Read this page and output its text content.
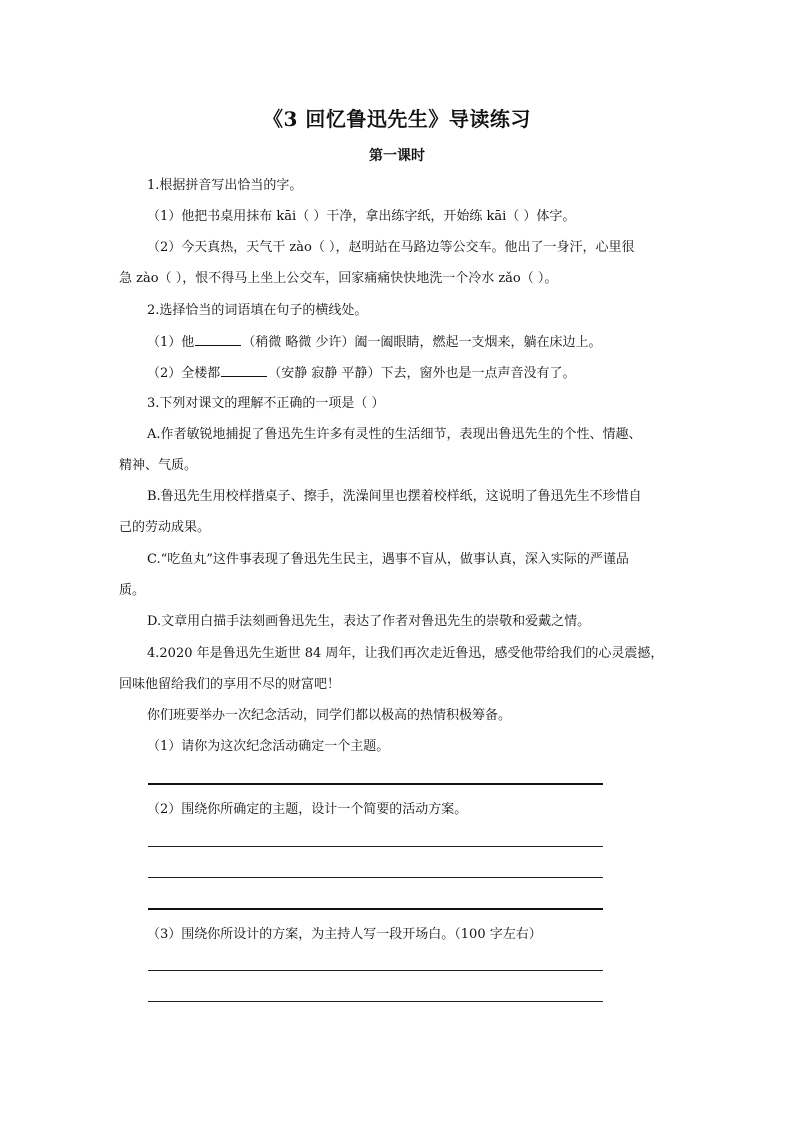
《3 回忆鲁迅先生》导读练习
第一课时
1.根据拼音写出恰当的字。
（1）他把书桌用抹布 kāi（ ）干净，拿出练字纸，开始练 kāi（ ）体字。
（2）今天真热，天气干 zào（ ），赵明站在马路边等公交车。他出了一身汗，心里很
急 zào（ ），恨不得马上坐上公交车，回家痛痛快快地洗一个冷水 zǎo（ ）。
2.选择恰当的词语填在句子的横线处。
（1）他	（稍微 略微 少许）阖一阖眼睛，燃起一支烟来，躺在床边上。
（2）全楼都	（安静 寂静 平静）下去，窗外也是一点声音没有了。
3.下列对课文的理解不正确的一项是（ ）
A.作者敏锐地捕捉了鲁迅先生许多有灵性的生活细节，表现出鲁迅先生的个性、情趣、
精神、气质。
B.鲁迅先生用校样揩桌子、擦手，洗澡间里也摆着校样纸，这说明了鲁迅先生不珍惜自
己的劳动成果。
C.“吃鱼丸”这件事表现了鲁迅先生民主，遇事不盲从，做事认真，深入实际的严谨品
质。
D.文章用白描手法刻画鲁迅先生，表达了作者对鲁迅先生的崇敬和爱戴之情。
4.2020 年是鲁迅先生逝世 84 周年，让我们再次走近鲁迅，感受他带给我们的心灵震撼，
回味他留给我们的享用不尽的财富吧！
你们班要举办一次纪念活动，同学们都以极高的热情积极筹备。
（1）请你为这次纪念活动确定一个主题。
（2）围绕你所确定的主题，设计一个简要的活动方案。
（3）围绕你所设计的方案，为主持人写一段开场白。（100 字左右）
